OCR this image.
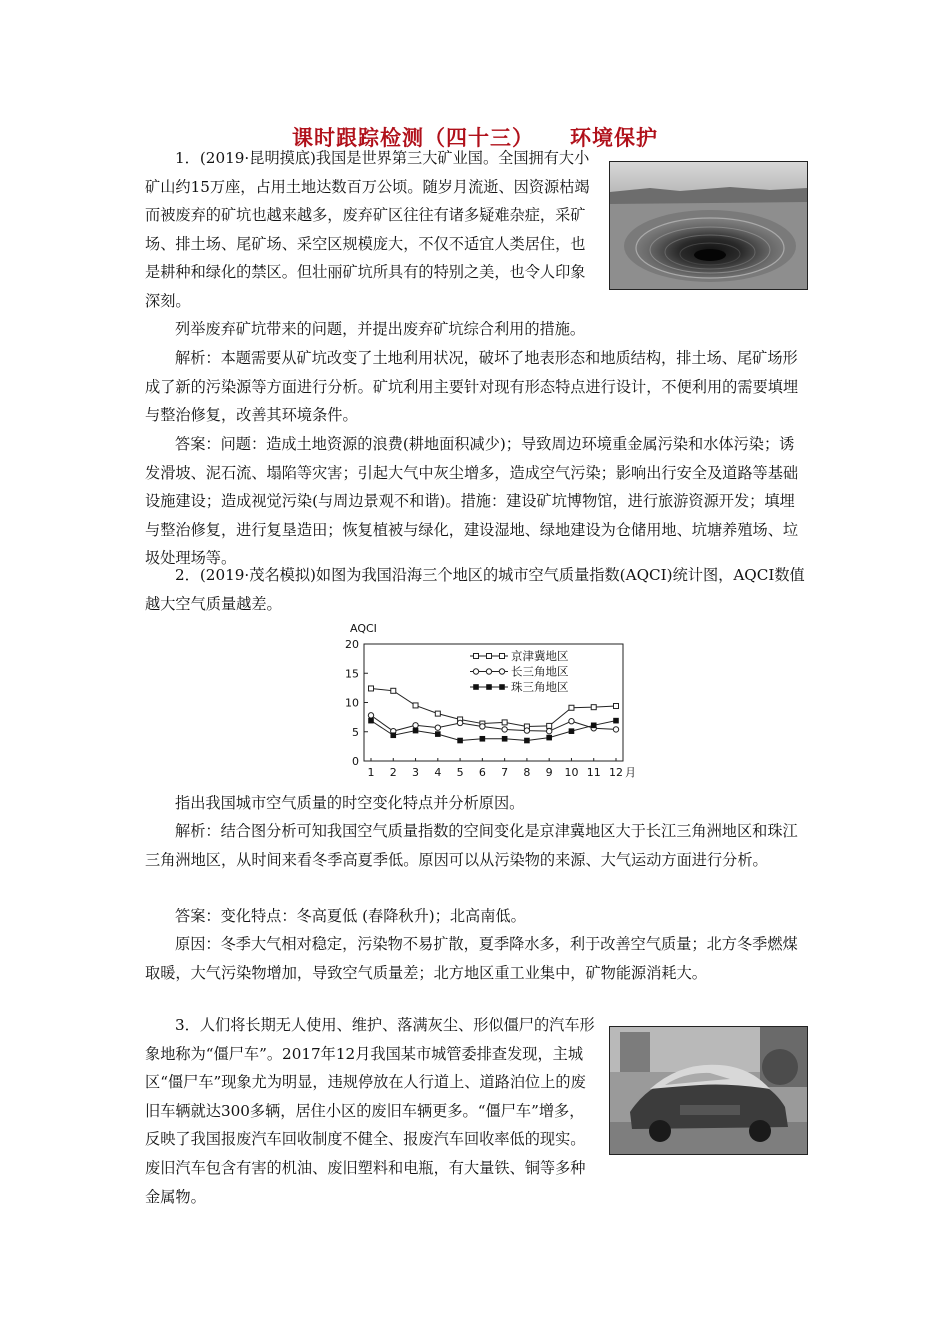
课时跟踪检测（四十三） 环境保护

1．(2019·昆明摸底)我国是世界第三大矿业国。全国拥有大小矿山约15万座，占用土地达数百万公顷。随岁月流逝、因资源枯竭而被废弃的矿坑也越来越多，废弃矿区往往有诸多疑难杂症，采矿场、排土场、尾矿场、采空区规模庞大，不仅不适宜人类居住，也是耕种和绿化的禁区。但壮丽矿坑所具有的特别之美，也令人印象深刻。

列举废弃矿坑带来的问题，并提出废弃矿坑综合利用的措施。

解析：本题需要从矿坑改变了土地利用状况，破坏了地表形态和地质结构，排土场、尾矿场形成了新的污染源等方面进行分析。矿坑利用主要针对现有形态特点进行设计，不便利用的需要填埋与整治修复，改善其环境条件。

答案：问题：造成土地资源的浪费(耕地面积减少)；导致周边环境重金属污染和水体污染；诱发滑坡、泥石流、塌陷等灾害；引起大气中灰尘增多，造成空气污染；影响出行安全及道路等基础设施建设；造成视觉污染(与周边景观不和谐)。措施：建设矿坑博物馆，进行旅游资源开发；填埋与整治修复，进行复垦造田；恢复植被与绿化，建设湿地、绿地建设为仓储用地、坑塘养殖场、垃圾处理场等。

2．(2019·茂名模拟)如图为我国沿海三个地区的城市空气质量指数(AQCI)统计图，AQCI数值越大空气质量越差。

AQCI
0
5
10
15
20
1 2 3 4 5 6 7 8 9 10 11 12 月
京津冀地区
长三角地区
珠三角地区

指出我国城市空气质量的时空变化特点并分析原因。

解析：结合图分析可知我国空气质量指数的空间变化是京津冀地区大于长江三角洲地区和珠江三角洲地区，从时间来看冬季高夏季低。原因可以从污染物的来源、大气运动方面进行分析。

答案：变化特点：冬高夏低 (春降秋升)；北高南低。

原因：冬季大气相对稳定，污染物不易扩散，夏季降水多，利于改善空气质量；北方冬季燃煤取暖，大气污染物增加，导致空气质量差；北方地区重工业集中，矿物能源消耗大。

3．人们将长期无人使用、维护、落满灰尘、形似僵尸的汽车形象地称为“僵尸车”。2017年12月我国某市城管委排查发现，主城区“僵尸车”现象尤为明显，违规停放在人行道上、道路泊位上的废旧车辆就达300多辆，居住小区的废旧车辆更多。“僵尸车”增多，反映了我国报废汽车回收制度不健全、报废汽车回收率低的现实。废旧汽车包含有害的机油、废旧塑料和电瓶，有大量铁、铜等多种金属物。
